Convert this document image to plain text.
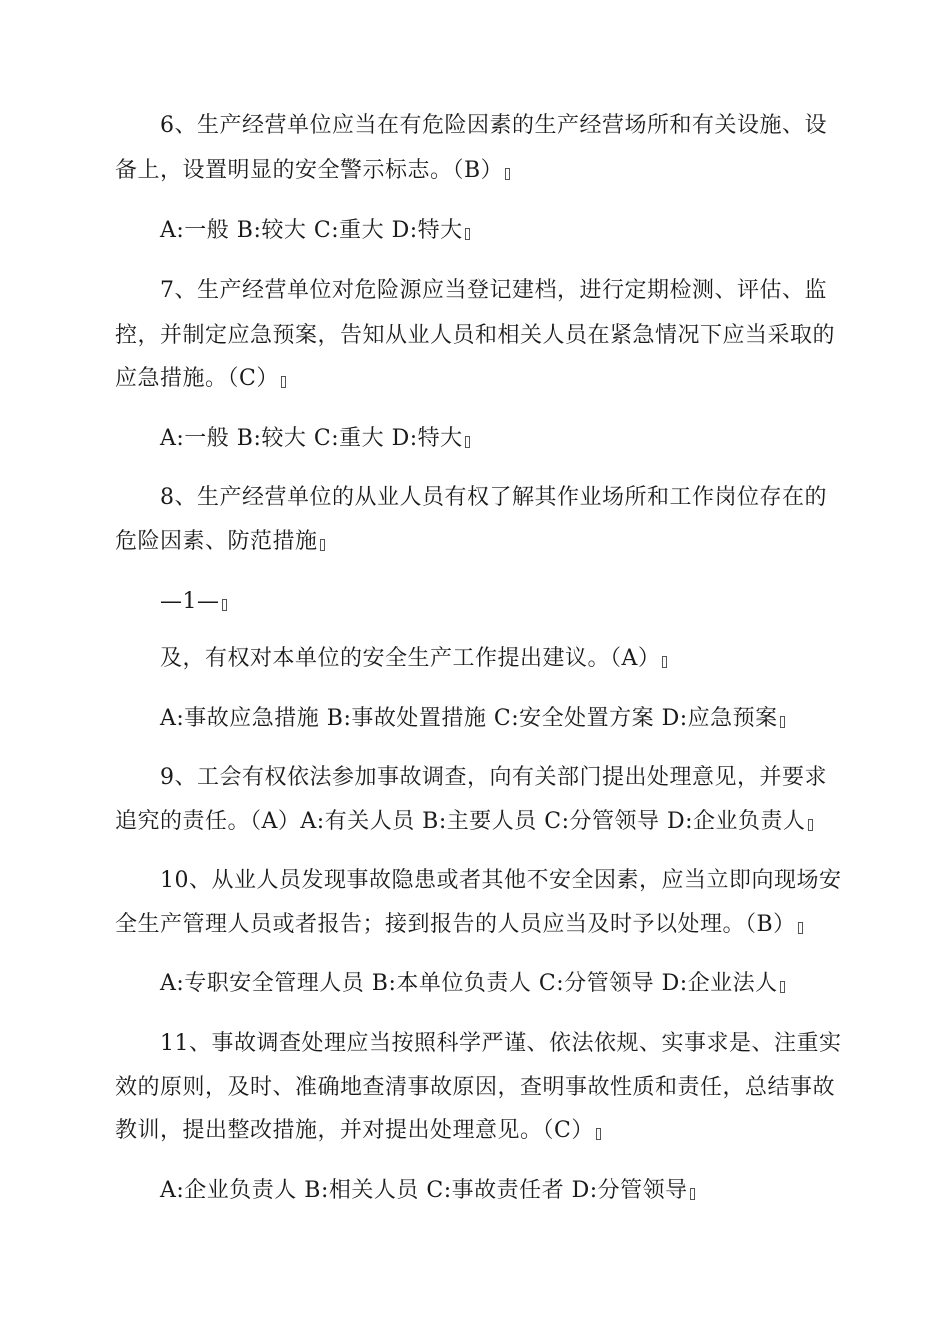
6、生产经营单位应当在有危险因素的生产经营场所和有关设施、设
备上，设置明显的安全警示标志。（B）
A:一般 B:较大 C:重大 D:特大
7、生产经营单位对危险源应当登记建档，进行定期检测、评估、监
控，并制定应急预案，告知从业人员和相关人员在紧急情况下应当采取的
应急措施。（C）
A:一般 B:较大 C:重大 D:特大
8、生产经营单位的从业人员有权了解其作业场所和工作岗位存在的
危险因素、防范措施
—1—
及，有权对本单位的安全生产工作提出建议。（A）
A:事故应急措施 B:事故处置措施 C:安全处置方案 D:应急预案
9、工会有权依法参加事故调查，向有关部门提出处理意见，并要求
追究的责任。（A）A:有关人员 B:主要人员 C:分管领导 D:企业负责人
10、从业人员发现事故隐患或者其他不安全因素，应当立即向现场安
全生产管理人员或者报告；接到报告的人员应当及时予以处理。（B）
A:专职安全管理人员 B:本单位负责人 C:分管领导 D:企业法人
11、事故调查处理应当按照科学严谨、依法依规、实事求是、注重实
效的原则，及时、准确地查清事故原因，查明事故性质和责任，总结事故
教训，提出整改措施，并对提出处理意见。（C）
A:企业负责人 B:相关人员 C:事故责任者 D:分管领导
